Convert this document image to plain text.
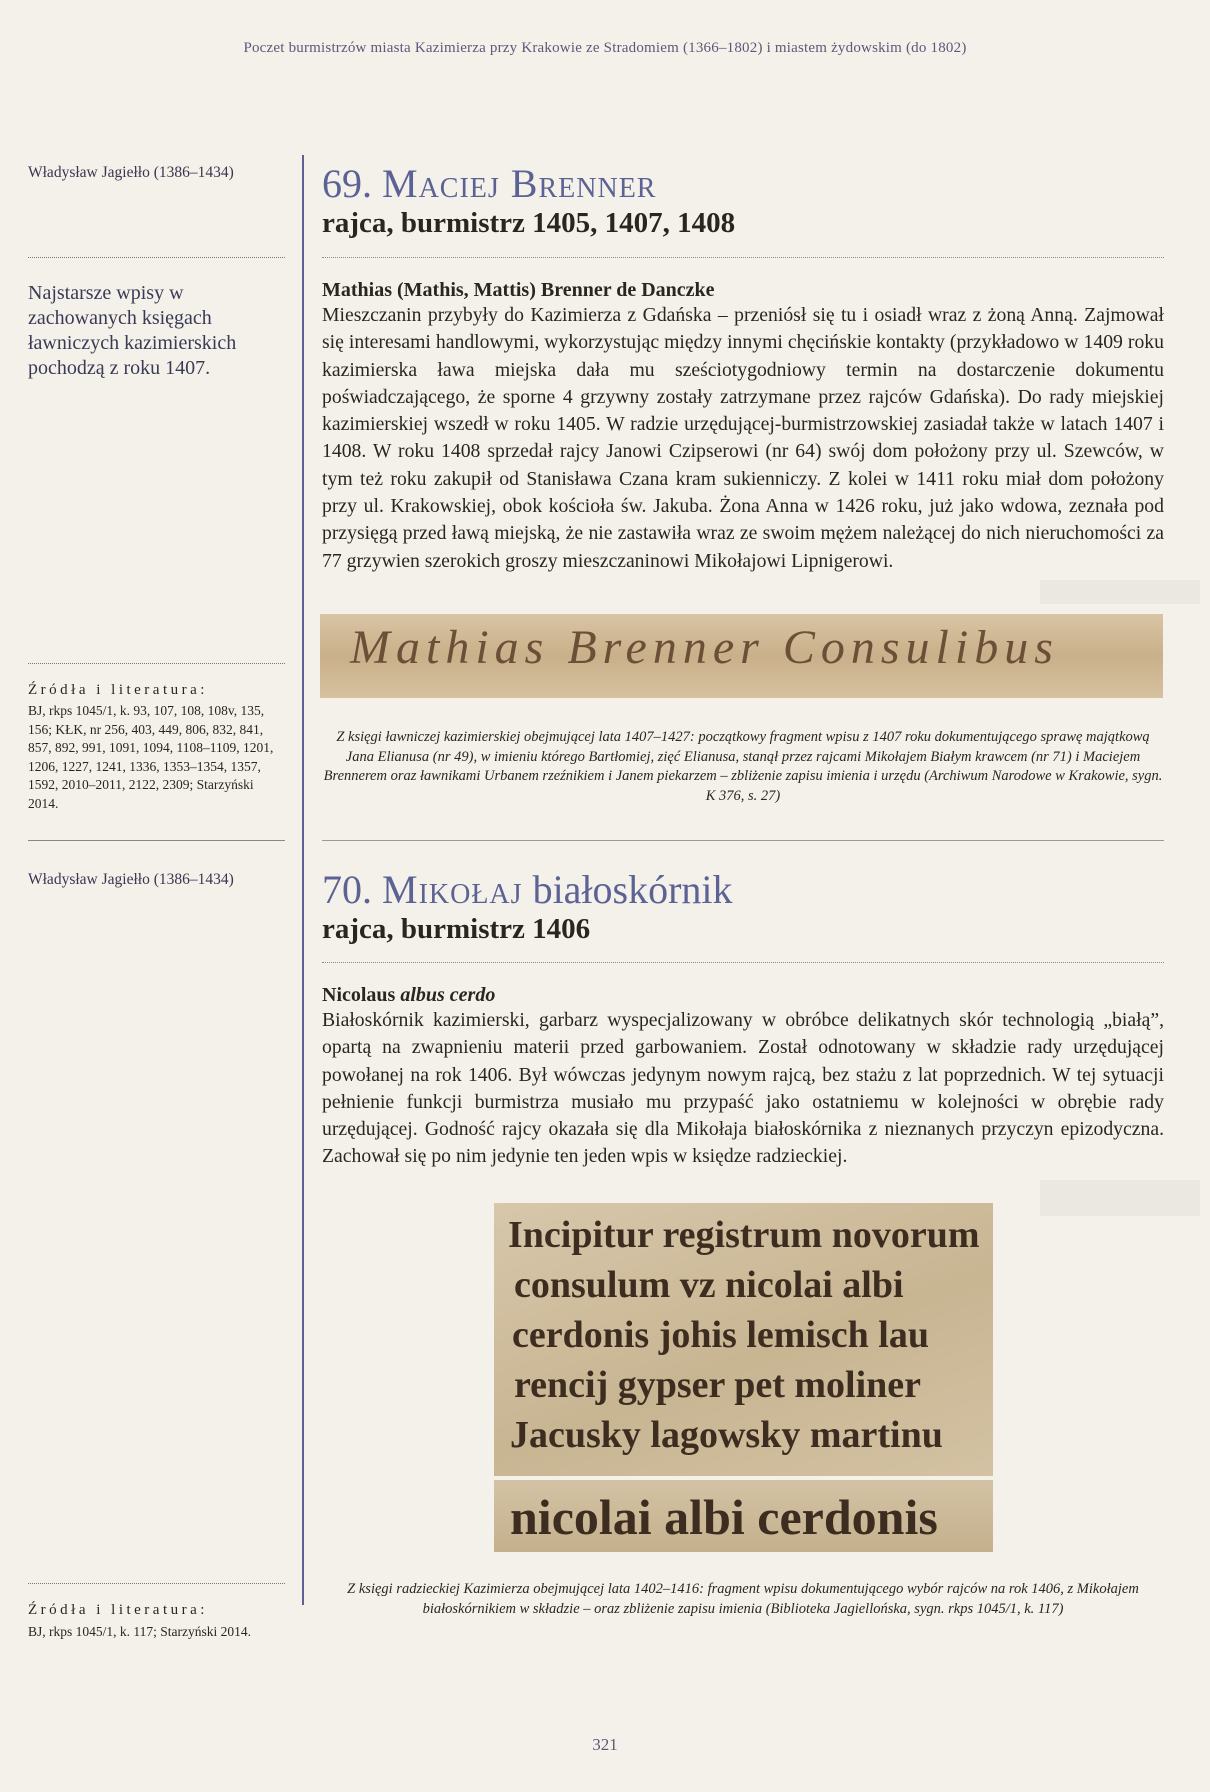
Poczet burmistrzów miasta Kazimierza przy Krakowie ze Stradomiem (1366–1802) i miastem żydowskim (do 1802)
Władysław Jagiełło (1386–1434)
Najstarsze wpisy w zachowanych księgach ławniczych kazimierskich pochodzą z roku 1407.
Źródła i literatura:
BJ, rkps 1045/1, k. 93, 107, 108, 108v, 135, 156; KŁK, nr 256, 403, 449, 806, 832, 841, 857, 892, 991, 1091, 1094, 1108–1109, 1201, 1206, 1227, 1241, 1336, 1353–1354, 1357, 1592, 2010–2011, 2122, 2309; Starzyński 2014.
Władysław Jagiełło (1386–1434)
Źródła i literatura:
BJ, rkps 1045/1, k. 117; Starzyński 2014.
69. Maciej Brenner
rajca, burmistrz 1405, 1407, 1408
Mathias (Mathis, Mattis) Brenner de Danczke
Mieszczanin przybyły do Kazimierza z Gdańska – przeniósł się tu i osiadł wraz z żoną Anną. Zajmował się interesami handlowymi, wykorzystując między innymi chęcińskie kontakty (przykładowo w 1409 roku kazimierska ława miejska dała mu sześciotygodniowy termin na dostarczenie dokumentu poświadczającego, że sporne 4 grzywny zostały zatrzymane przez rajców Gdańska). Do rady miejskiej kazimierskiej wszedł w roku 1405. W radzie urzędującej-burmistrzowskiej zasiadał także w latach 1407 i 1408. W roku 1408 sprzedał rajcy Janowi Czipserowi (nr 64) swój dom położony przy ul. Szewców, w tym też roku zakupił od Stanisława Czana kram sukienniczy. Z kolei w 1411 roku miał dom położony przy ul. Krakowskiej, obok kościoła św. Jakuba. Żona Anna w 1426 roku, już jako wdowa, zeznała pod przysięgą przed ławą miejską, że nie zastawiła wraz ze swoim mężem należącej do nich nieruchomości za 77 grzywien szerokich groszy mieszczaninowi Mikołajowi Lipnigerowi.
Mathias Brenner Consulibus
Z księgi ławniczej kazimierskiej obejmującej lata 1407–1427: początkowy fragment wpisu z 1407 roku dokumentującego sprawę majątkową Jana Elianusa (nr 49), w imieniu którego Bartłomiej, zięć Elianusa, stanął przez rajcami Mikołajem Białym krawcem (nr 71) i Maciejem Brennerem oraz ławnikami Urbanem rzeźnikiem i Janem piekarzem – zbliżenie zapisu imienia i urzędu (Archiwum Narodowe w Krakowie, sygn. K 376, s. 27)
70. Mikołaj białoskórnik
rajca, burmistrz 1406
Nicolaus albus cerdo
Białoskórnik kazimierski, garbarz wyspecjalizowany w obróbce delikatnych skór technologią „białą”, opartą na zwapnieniu materii przed garbowaniem. Został odnotowany w składzie rady urzędującej powołanej na rok 1406. Był wówczas jedynym nowym rajcą, bez stażu z lat poprzednich. W tej sytuacji pełnienie funkcji burmistrza musiało mu przypaść jako ostatniemu w kolejności w obrębie rady urzędującej. Godność rajcy okazała się dla Mikołaja białoskórnika z nieznanych przyczyn epizodyczna. Zachował się po nim jedynie ten jeden wpis w księdze radzieckiej.
Incipitur registrum novorum
consulum vz nicolai albi
cerdonis johis lemisch lau
rencij gypser pet moliner
Jacusky lagowsky martinu
nicolai albi cerdonis
Z księgi radzieckiej Kazimierza obejmującej lata 1402–1416: fragment wpisu dokumentującego wybór rajców na rok 1406, z Mikołajem białoskórnikiem w składzie – oraz zbliżenie zapisu imienia (Biblioteka Jagiellońska, sygn. rkps 1045/1, k. 117)
321
